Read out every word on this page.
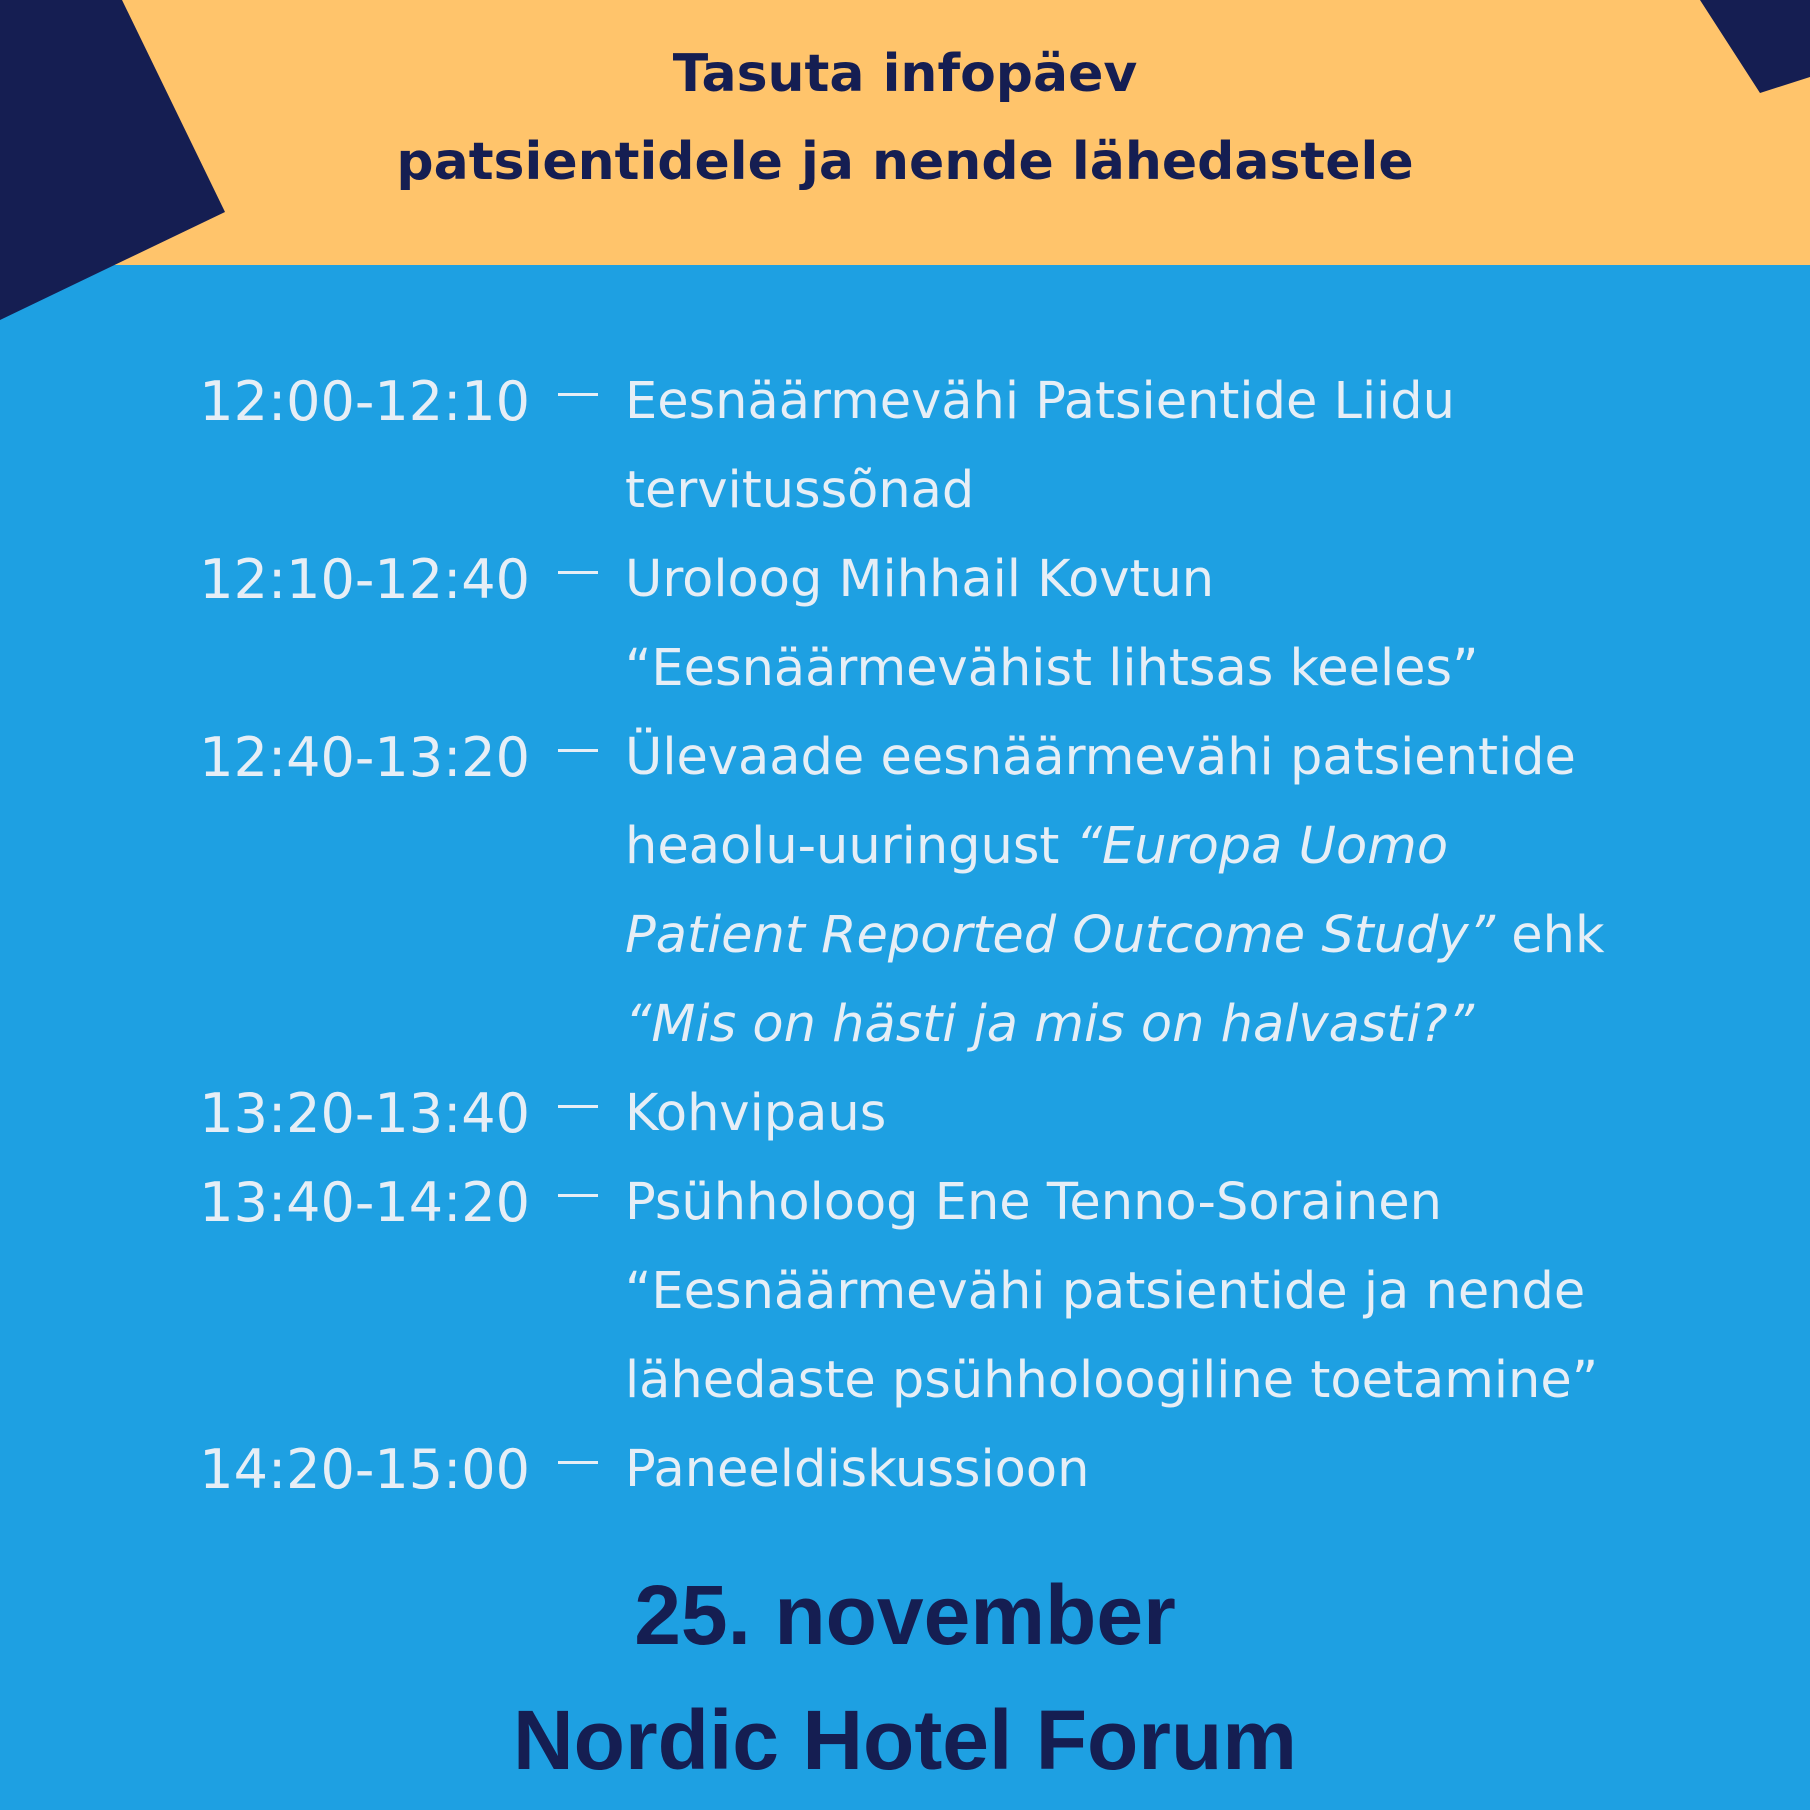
Tasuta infopäev
patsientidele ja nende lähedastele
12:00-12:10 Eesnäärmevähi Patsientide Liidu
tervitussõnad
12:10-12:40 Uroloog Mihhail Kovtun
“Eesnäärmevähist lihtsas keeles”
12:40-13:20 Ülevaade eesnäärmevähi patsientide
heaolu-uuringust “Europa Uomo
Patient Reported Outcome Study” ehk
“Mis on hästi ja mis on halvasti?”
13:20-13:40 Kohvipaus
13:40-14:20 Psühholoog Ene Tenno-Sorainen
“Eesnäärmevähi patsientide ja nende
lähedaste psühholoogiline toetamine”
14:20-15:00 Paneeldiskussioon
25. november
Nordic Hotel Forum
